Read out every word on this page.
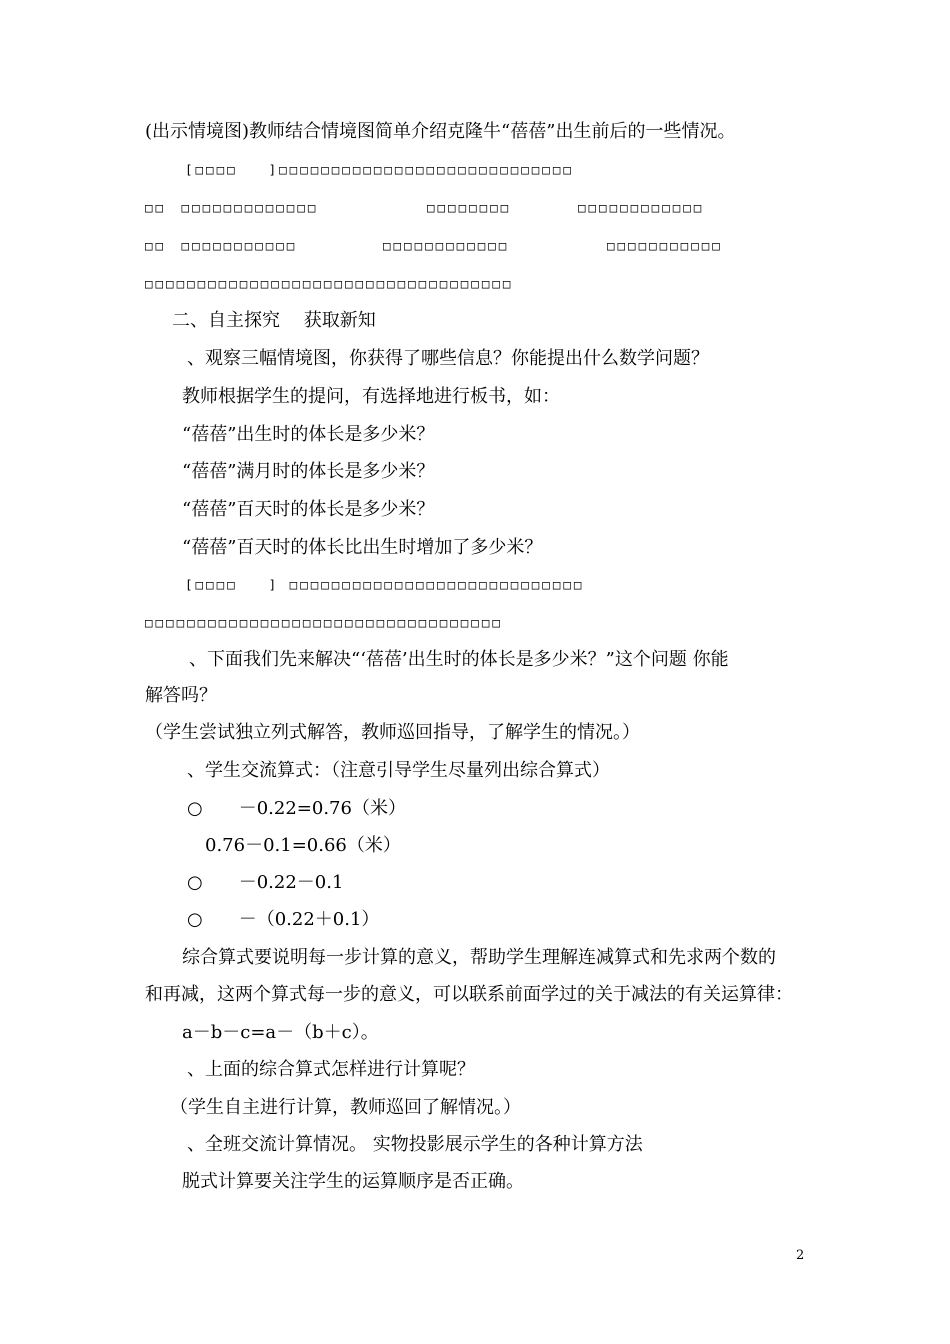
(出示情境图)教师结合情境图简单介绍克隆牛“蓓蓓”出生前后的一些情况。
[□□□□　　]□□□□□□□□□□□□□□□□□□□□□□□□□□□□
□□　□□□□□□□□□□□□□	□□□□□□□□	□□□□□□□□□□□□
□□　□□□□□□□□□□□	□□□□□□□□□□□□	□□□□□□□□□□□
□□□□□□□□□□□□□□□□□□□□□□□□□□□□□□□□□□□
二、自主探究　 获取新知
、观察三幅情境图，你获得了哪些信息？你能提出什么数学问题？
教师根据学生的提问，有选择地进行板书，如：
“蓓蓓”出生时的体长是多少米？
“蓓蓓”满月时的体长是多少米？
“蓓蓓”百天时的体长是多少米？
“蓓蓓”百天时的体长比出生时增加了多少米？
[□□□□　　] □□□□□□□□□□□□□□□□□□□□□□□□□□□□
□□□□□□□□□□□□□□□□□□□□□□□□□□□□□□□□□□
、下面我们先来解决“‘蓓蓓’出生时的体长是多少米？”这个问题 你能
解答吗？
（学生尝试独立列式解答，教师巡回指导，了解学生的情况。）
、学生交流算式：（注意引导学生尽量列出综合算式）
○　　－0.22=0.76（米）
0.76－0.1=0.66（米）
○　　－0.22－0.1
○　　－（0.22＋0.1）
综合算式要说明每一步计算的意义，帮助学生理解连减算式和先求两个数的
和再减，这两个算式每一步的意义，可以联系前面学过的关于减法的有关运算律：
a－b－c=a－（b＋c）。
、上面的综合算式怎样进行计算呢？
（学生自主进行计算，教师巡回了解情况。）
、全班交流计算情况。 实物投影展示学生的各种计算方法
脱式计算要关注学生的运算顺序是否正确。
2
